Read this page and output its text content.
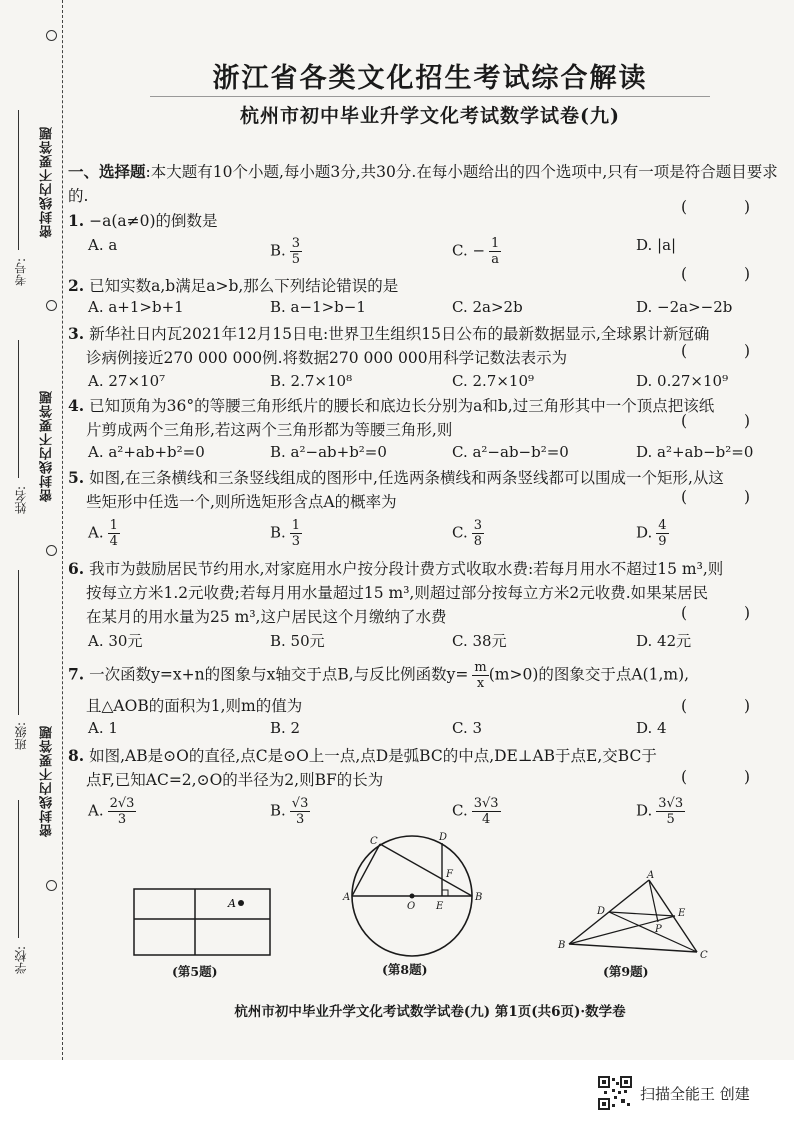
密封线内不要答题
密封线内不要答题
密封线内不要答题
考号:
姓名:
班级:
学校:
浙江省各类文化招生考试综合解读
杭州市初中毕业升学文化考试数学试卷(九)
一、选择题:本大题有10个小题,每小题3分,共30分.在每小题给出的四个选项中,只有一项是符合题目要求的.
1. −a(a≠0)的倒数是
( )
A. a	B. $\frac{3}{5}$	C. − $\frac{1}{a}$	D. |a|
2. 已知实数a,b满足a>b,那么下列结论错误的是
( )
A. a+1>b+1	B. a−1>b−1	C. 2a>2b	D. −2a>−2b
3. 新华社日内瓦2021年12月15日电:世界卫生组织15日公布的最新数据显示,全球累计新冠确
诊病例接近270 000 000例.将数据270 000 000用科学记数法表示为	( )
A. 27×10⁷	B. 2.7×10⁸	C. 2.7×10⁹	D. 0.27×10⁹
4. 已知顶角为36°的等腰三角形纸片的腰长和底边长分别为a和b,过三角形其中一个顶点把该纸
片剪成两个三角形,若这两个三角形都为等腰三角形,则	( )
A. a²+ab+b²=0	B. a²−ab+b²=0	C. a²−ab−b²=0	D. a²+ab−b²=0
5. 如图,在三条横线和三条竖线组成的图形中,任选两条横线和两条竖线都可以围成一个矩形,从这
些矩形中任选一个,则所选矩形含点A的概率为	( )
A. $\frac{1}{4}$	B. $\frac{1}{3}$	C. $\frac{3}{8}$	D. $\frac{4}{9}$
6. 我市为鼓励居民节约用水,对家庭用水户按分段计费方式收取水费:若每月用水不超过15 m³,则
按每立方米1.2元收费;若每月用水量超过15 m³,则超过部分按每立方米2元收费.如果某居民
在某月的用水量为25 m³,这户居民这个月缴纳了水费	( )
A. 30元	B. 50元	C. 38元	D. 42元
7. 一次函数y=x+n的图象与x轴交于点B,与反比例函数$y= \frac{m}{x} (m>0)$的图象交于点A(1,m),
且△AOB的面积为1,则m的值为	( )
A. 1	B. 2	C. 3	D. 4
8. 如图,AB是⊙O的直径,点C是⊙O上一点,点D是弧BC的中点,DE⊥AB于点E,交BC于
点F,已知AC=2,⊙O的半径为2,则BF的长为	( )
A. $\frac{2√3}{3}$	B. $\frac{√3}{3}$	C. $\frac{3√3}{4}$	D. $\frac{3√3}{5}$
A
(第5题)
A	B
C	D
E
F
O
(第8题)
A
B
C
D	E
P
(第9题)
杭州市初中毕业升学文化考试数学试卷(九) 第1页(共6页)·数学卷
扫描全能王 创建
